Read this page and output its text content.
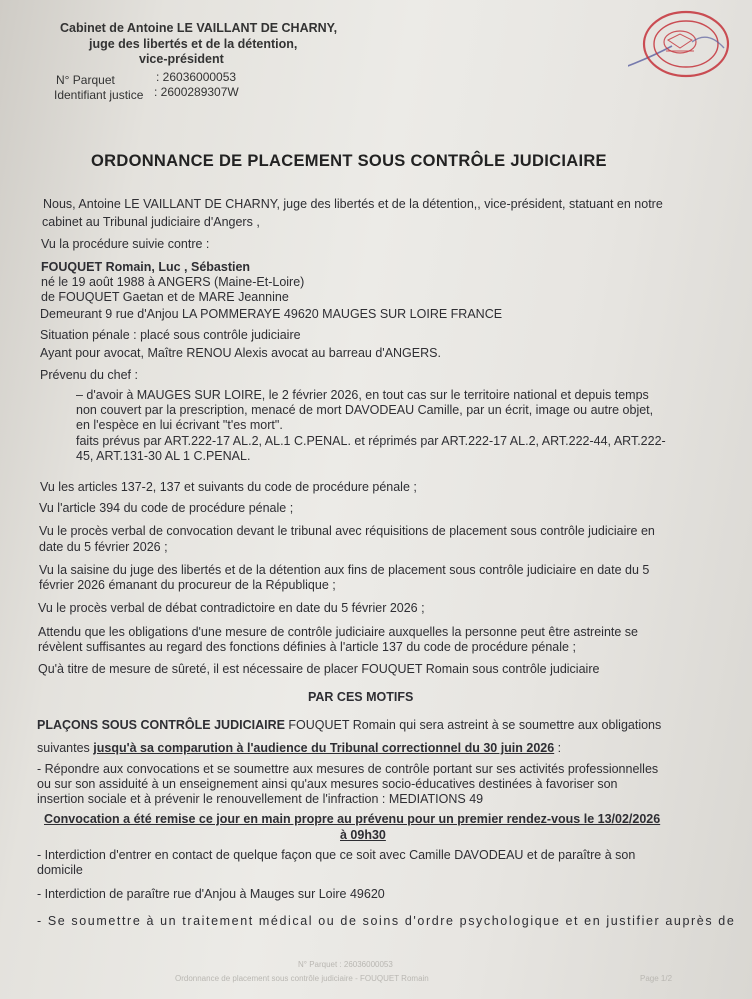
Cabinet de Antoine LE VAILLANT DE CHARNY,
juge des libertés et de la détention,
vice-président
N° Parquet	: 26036000053
Identifiant justice : 2600289307W
ORDONNANCE DE PLACEMENT SOUS CONTRÔLE JUDICIAIRE
Nous, Antoine LE VAILLANT DE CHARNY, juge des libertés et de la détention,, vice-président, statuant en notre
cabinet au Tribunal judiciaire d'Angers ,
Vu la procédure suivie contre :
FOUQUET Romain, Luc , Sébastien
né le 19 août 1988 à ANGERS (Maine-Et-Loire)
de FOUQUET Gaetan et de MARE Jeannine
Demeurant 9 rue d'Anjou LA POMMERAYE 49620 MAUGES SUR LOIRE FRANCE
Situation pénale : placé sous contrôle judiciaire
Ayant pour avocat, Maître RENOU Alexis avocat au barreau d'ANGERS.
Prévenu du chef :
– d'avoir à MAUGES SUR LOIRE, le 2 février 2026, en tout cas sur le territoire national et depuis temps
non couvert par la prescription, menacé de mort DAVODEAU Camille, par un écrit, image ou autre objet,
en l'espèce en lui écrivant "t'es mort".
faits prévus par ART.222-17 AL.2, AL.1 C.PENAL. et réprimés par ART.222-17 AL.2, ART.222-44, ART.222-
45, ART.131-30 AL 1 C.PENAL.
Vu les articles 137-2, 137 et suivants du code de procédure pénale ;
Vu l'article 394 du code de procédure pénale ;
Vu le procès verbal de convocation devant le tribunal avec réquisitions de placement sous contrôle judiciaire en
date du 5 février 2026 ;
Vu la saisine du juge des libertés et de la détention aux fins de placement sous contrôle judiciaire en date du 5
février 2026 émanant du procureur de la République ;
Vu le procès verbal de débat contradictoire en date du 5 février 2026 ;
Attendu que les obligations d'une mesure de contrôle judiciaire auxquelles la personne peut être astreinte se
révèlent suffisantes au regard des fonctions définies à l'article 137 du code de procédure pénale ;
Qu'à titre de mesure de sûreté, il est nécessaire de placer FOUQUET Romain sous contrôle judiciaire
PAR CES MOTIFS
PLAÇONS SOUS CONTRÔLE JUDICIAIRE FOUQUET Romain qui sera astreint à se soumettre aux obligations
suivantes jusqu'à sa comparution à l'audience du Tribunal correctionnel du 30 juin 2026 :
- Répondre aux convocations et se soumettre aux mesures de contrôle portant sur ses activités professionnelles
ou sur son assiduité à un enseignement ainsi qu'aux mesures socio-éducatives destinées à favoriser son
insertion sociale et à prévenir le renouvellement de l'infraction : MEDIATIONS 49
Convocation a été remise ce jour en main propre au prévenu pour un premier rendez-vous le 13/02/2026
à 09h30
- Interdiction d'entrer en contact de quelque façon que ce soit avec Camille DAVODEAU et de paraître à son
domicile
- Interdiction de paraître rue d'Anjou à Mauges sur Loire 49620
- Se soumettre à un traitement médical ou de soins d'ordre psychologique et en justifier auprès de
N° Parquet : 26036000053
Ordonnance de placement sous contrôle judiciaire - FOUQUET Romain	Page 1/2
